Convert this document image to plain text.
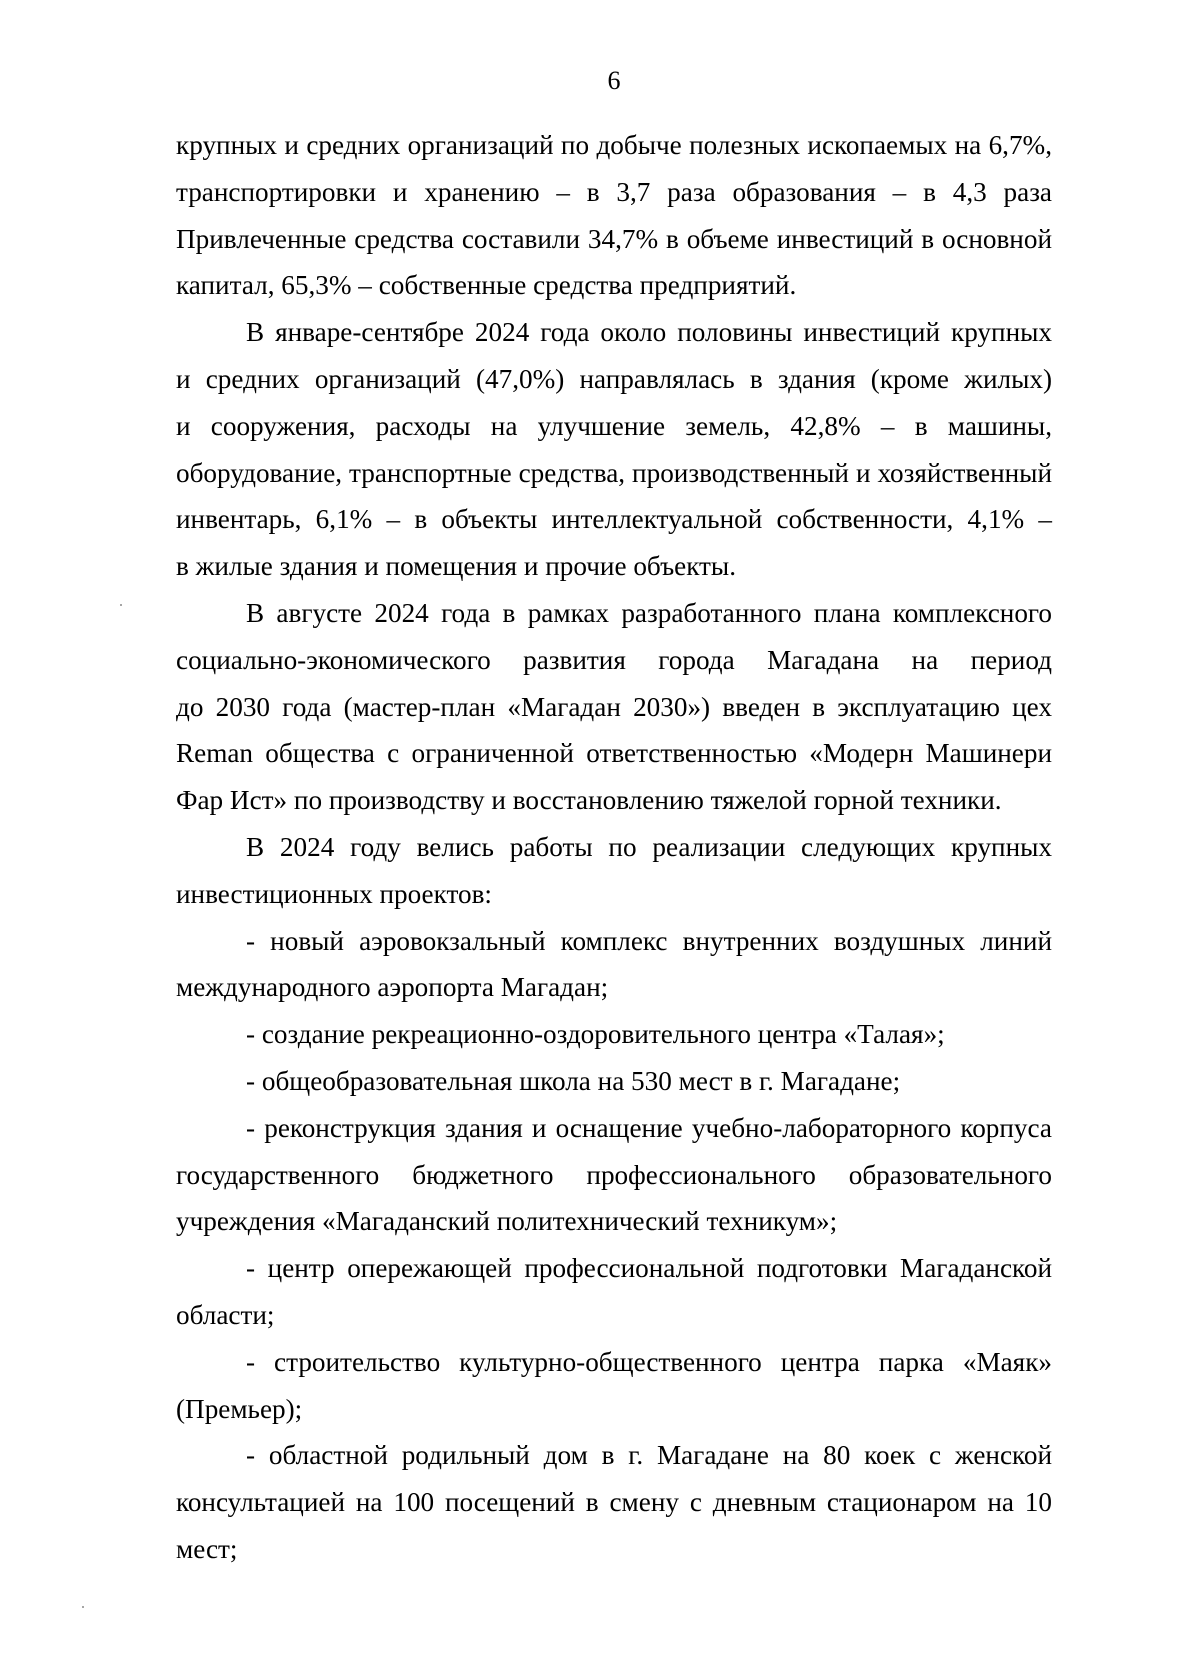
6
крупных и средних организаций по добыче полезных ископаемых на 6,7%,
транспортировки и хранению – в 3,7 раза образования – в 4,3 раза
Привлеченные средства составили 34,7% в объеме инвестиций в основной
капитал, 65,3% – собственные средства предприятий.
В январе-сентябре 2024 года около половины инвестиций крупных
и средних организаций (47,0%) направлялась в здания (кроме жилых)
и сооружения, расходы на улучшение земель, 42,8% – в машины,
оборудование, транспортные средства, производственный и хозяйственный
инвентарь, 6,1% – в объекты интеллектуальной собственности, 4,1% –
в жилые здания и помещения и прочие объекты.
В августе 2024 года в рамках разработанного плана комплексного
социально-экономического развития города Магадана на период
до 2030 года (мастер-план «Магадан 2030») введен в эксплуатацию цех
Reman общества с ограниченной ответственностью «Модерн Машинери
Фар Ист» по производству и восстановлению тяжелой горной техники.
В 2024 году велись работы по реализации следующих крупных
инвестиционных проектов:
- новый аэровокзальный комплекс внутренних воздушных линий
международного аэропорта Магадан;
- создание рекреационно-оздоровительного центра «Талая»;
- общеобразовательная школа на 530 мест в г. Магадане;
- реконструкция здания и оснащение учебно-лабораторного корпуса
государственного бюджетного профессионального образовательного
учреждения «Магаданский политехнический техникум»;
- центр опережающей профессиональной подготовки Магаданской
области;
- строительство культурно-общественного центра парка «Маяк»
(Премьер);
- областной родильный дом в г. Магадане на 80 коек с женской
консультацией на 100 посещений в смену с дневным стационаром на 10 мест;
